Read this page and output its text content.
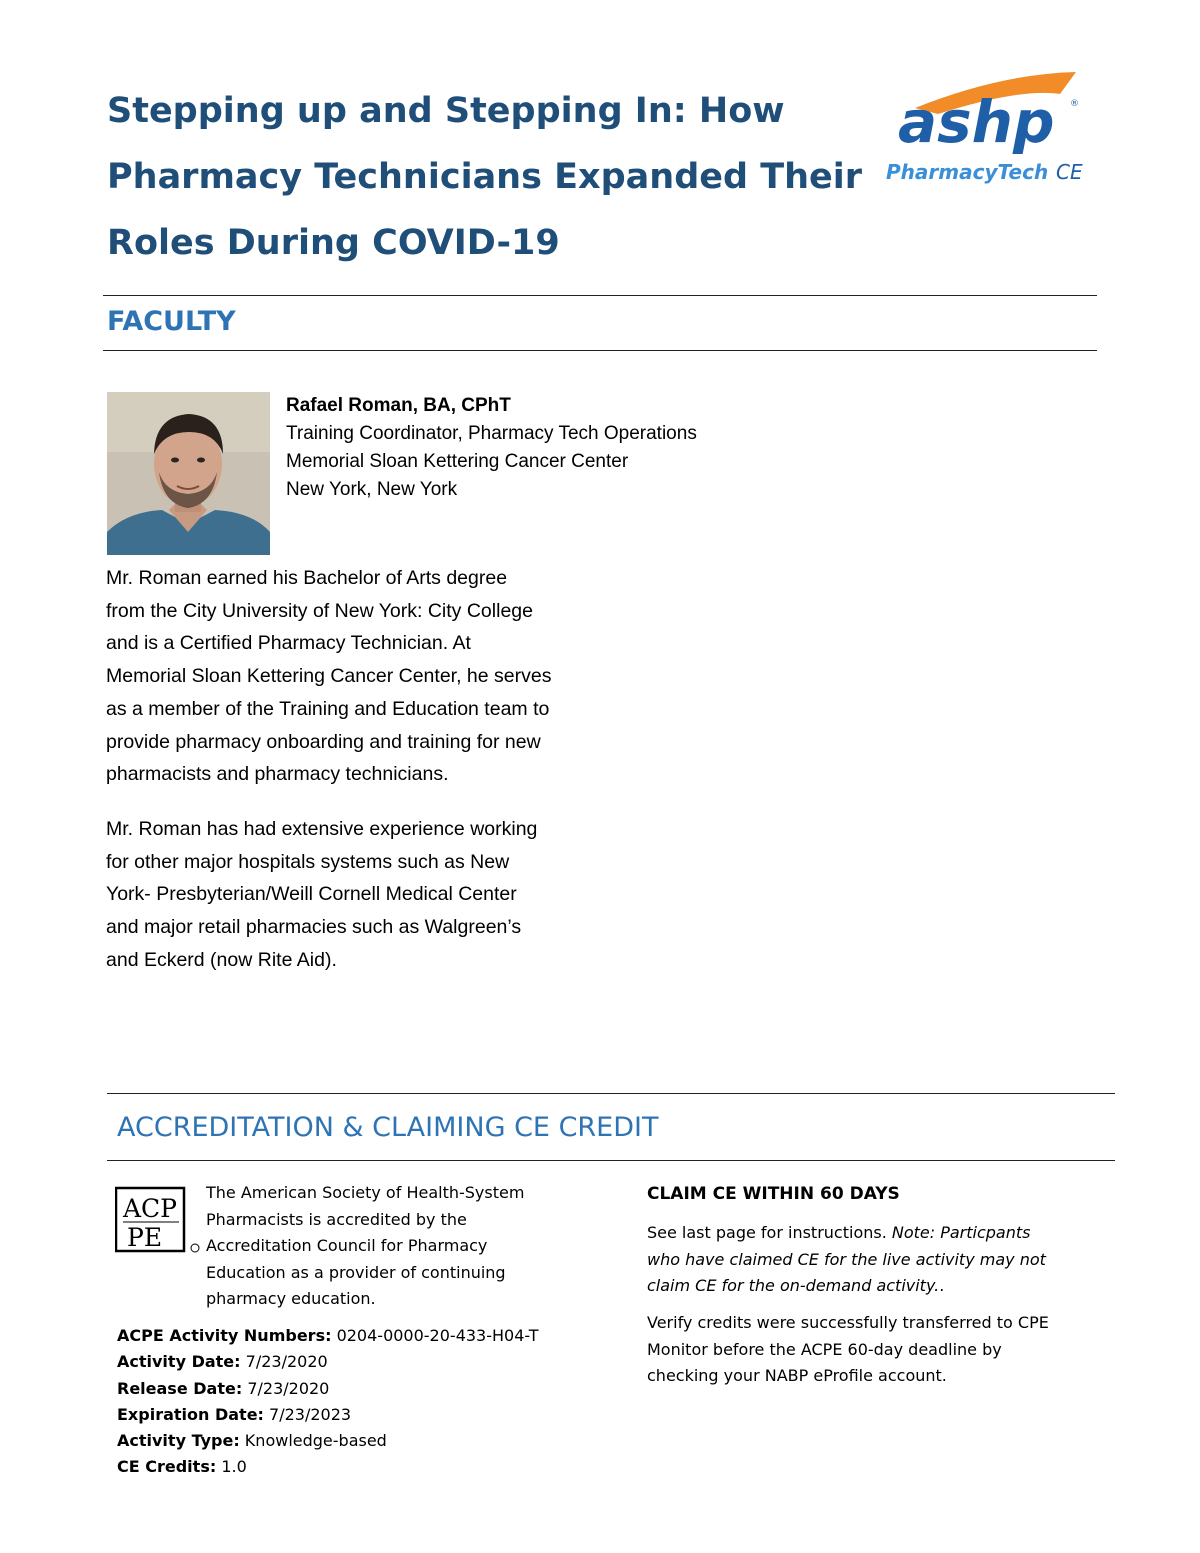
Stepping up and Stepping In: How
Pharmacy Technicians Expanded Their
Roles During COVID-19
ashp ®
PharmacyTech CE
FACULTY
Rafael Roman, BA, CPhT
Training Coordinator, Pharmacy Tech Operations
Memorial Sloan Kettering Cancer Center
New York, New York

Mr. Roman earned his Bachelor of Arts degree
from the City University of New York: City College
and is a Certified Pharmacy Technician. At
Memorial Sloan Kettering Cancer Center, he serves
as a member of the Training and Education team to
provide pharmacy onboarding and training for new
pharmacists and pharmacy technicians.

Mr. Roman has had extensive experience working
for other major hospitals systems such as New
York- Presbyterian/Weill Cornell Medical Center
and major retail pharmacies such as Walgreen’s
and Eckerd (now Rite Aid).

ACCREDITATION & CLAIMING CE CREDIT
ACP
PE
The American Society of Health-System
Pharmacists is accredited by the
Accreditation Council for Pharmacy
Education as a provider of continuing
pharmacy education.
ACPE Activity Numbers: 0204-0000-20-433-H04-T
Activity Date: 7/23/2020
Release Date: 7/23/2020
Expiration Date: 7/23/2023
Activity Type: Knowledge-based
CE Credits: 1.0
CLAIM CE WITHIN 60 DAYS

See last page for instructions. Note: Particpants
who have claimed CE for the live activity may not
claim CE for the on-demand activity..

Verify credits were successfully transferred to CPE
Monitor before the ACPE 60-day deadline by
checking your NABP eProfile account.
